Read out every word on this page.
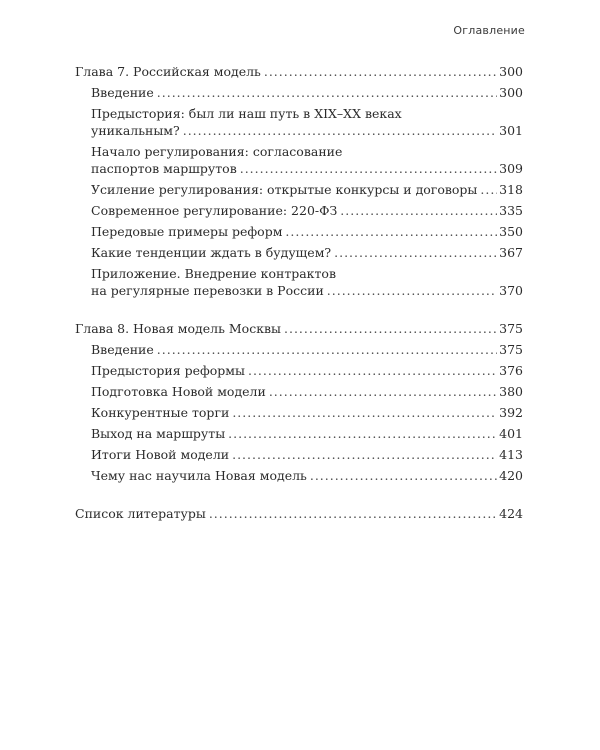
Оглавление
Глава 7. Российская модель .....	300
Введение .....	300
Предыстория: был ли наш путь в XIX–XX веках
уникальным? .....	301
Начало регулирования: согласование
паспортов маршрутов .....	309
Усиление регулирования: открытые конкурсы и договоры ..... 318
Современное регулирование: 220-ФЗ .....	335
Передовые примеры реформ .....	350
Какие тенденции ждать в будущем? .....	367
Приложение. Внедрение контрактов
на регулярные перевозки в России .....	370
Глава 8. Новая модель Москвы .....	375
Введение .....	375
Предыстория реформы .....	376
Подготовка Новой модели .....	380
Конкурентные торги .....	392
Выход на маршруты .....	401
Итоги Новой модели .....	413
Чему нас научила Новая модель .....	420
Список литературы .....	424
